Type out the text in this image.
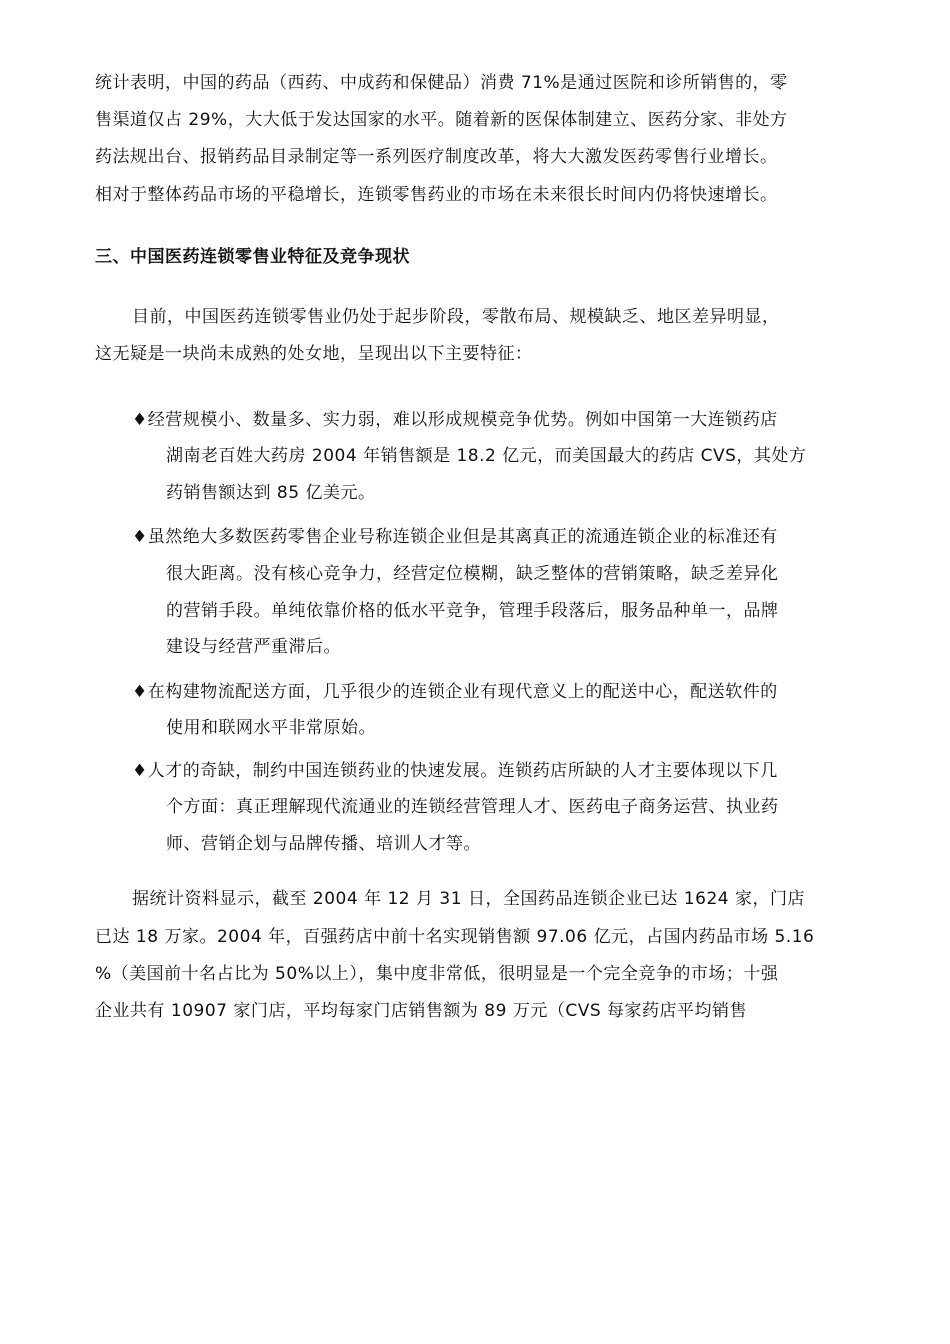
统计表明，中国的药品（西药、中成药和保健品）消费 71%是通过医院和诊所销售的，零
售渠道仅占 29%，大大低于发达国家的水平。随着新的医保体制建立、医药分家、非处方
药法规出台、报销药品目录制定等一系列医疗制度改革，将大大激发医药零售行业增长。
相对于整体药品市场的平稳增长，连锁零售药业的市场在未来很长时间内仍将快速增长。
三、中国医药连锁零售业特征及竞争现状
目前，中国医药连锁零售业仍处于起步阶段，零散布局、规模缺乏、地区差异明显，
这无疑是一块尚未成熟的处女地，呈现出以下主要特征：
♦经营规模小、数量多、实力弱，难以形成规模竞争优势。例如中国第一大连锁药店
湖南老百姓大药房 2004 年销售额是 18.2 亿元，而美国最大的药店 CVS，其处方
药销售额达到 85 亿美元。
♦虽然绝大多数医药零售企业号称连锁企业但是其离真正的流通连锁企业的标准还有
很大距离。没有核心竞争力，经营定位模糊，缺乏整体的营销策略，缺乏差异化
的营销手段。单纯依靠价格的低水平竞争，管理手段落后，服务品种单一，品牌
建设与经营严重滞后。
♦在构建物流配送方面，几乎很少的连锁企业有现代意义上的配送中心，配送软件的
使用和联网水平非常原始。
♦人才的奇缺，制约中国连锁药业的快速发展。连锁药店所缺的人才主要体现以下几
个方面：真正理解现代流通业的连锁经营管理人才、医药电子商务运营、执业药
师、营销企划与品牌传播、培训人才等。
据统计资料显示，截至 2004 年 12 月 31 日，全国药品连锁企业已达 1624 家，门店
已达 18 万家。2004 年，百强药店中前十名实现销售额 97.06 亿元，占国内药品市场 5.16
%（美国前十名占比为 50%以上），集中度非常低，很明显是一个完全竞争的市场；十强
企业共有 10907 家门店，平均每家门店销售额为 89 万元（CVS 每家药店平均销售
